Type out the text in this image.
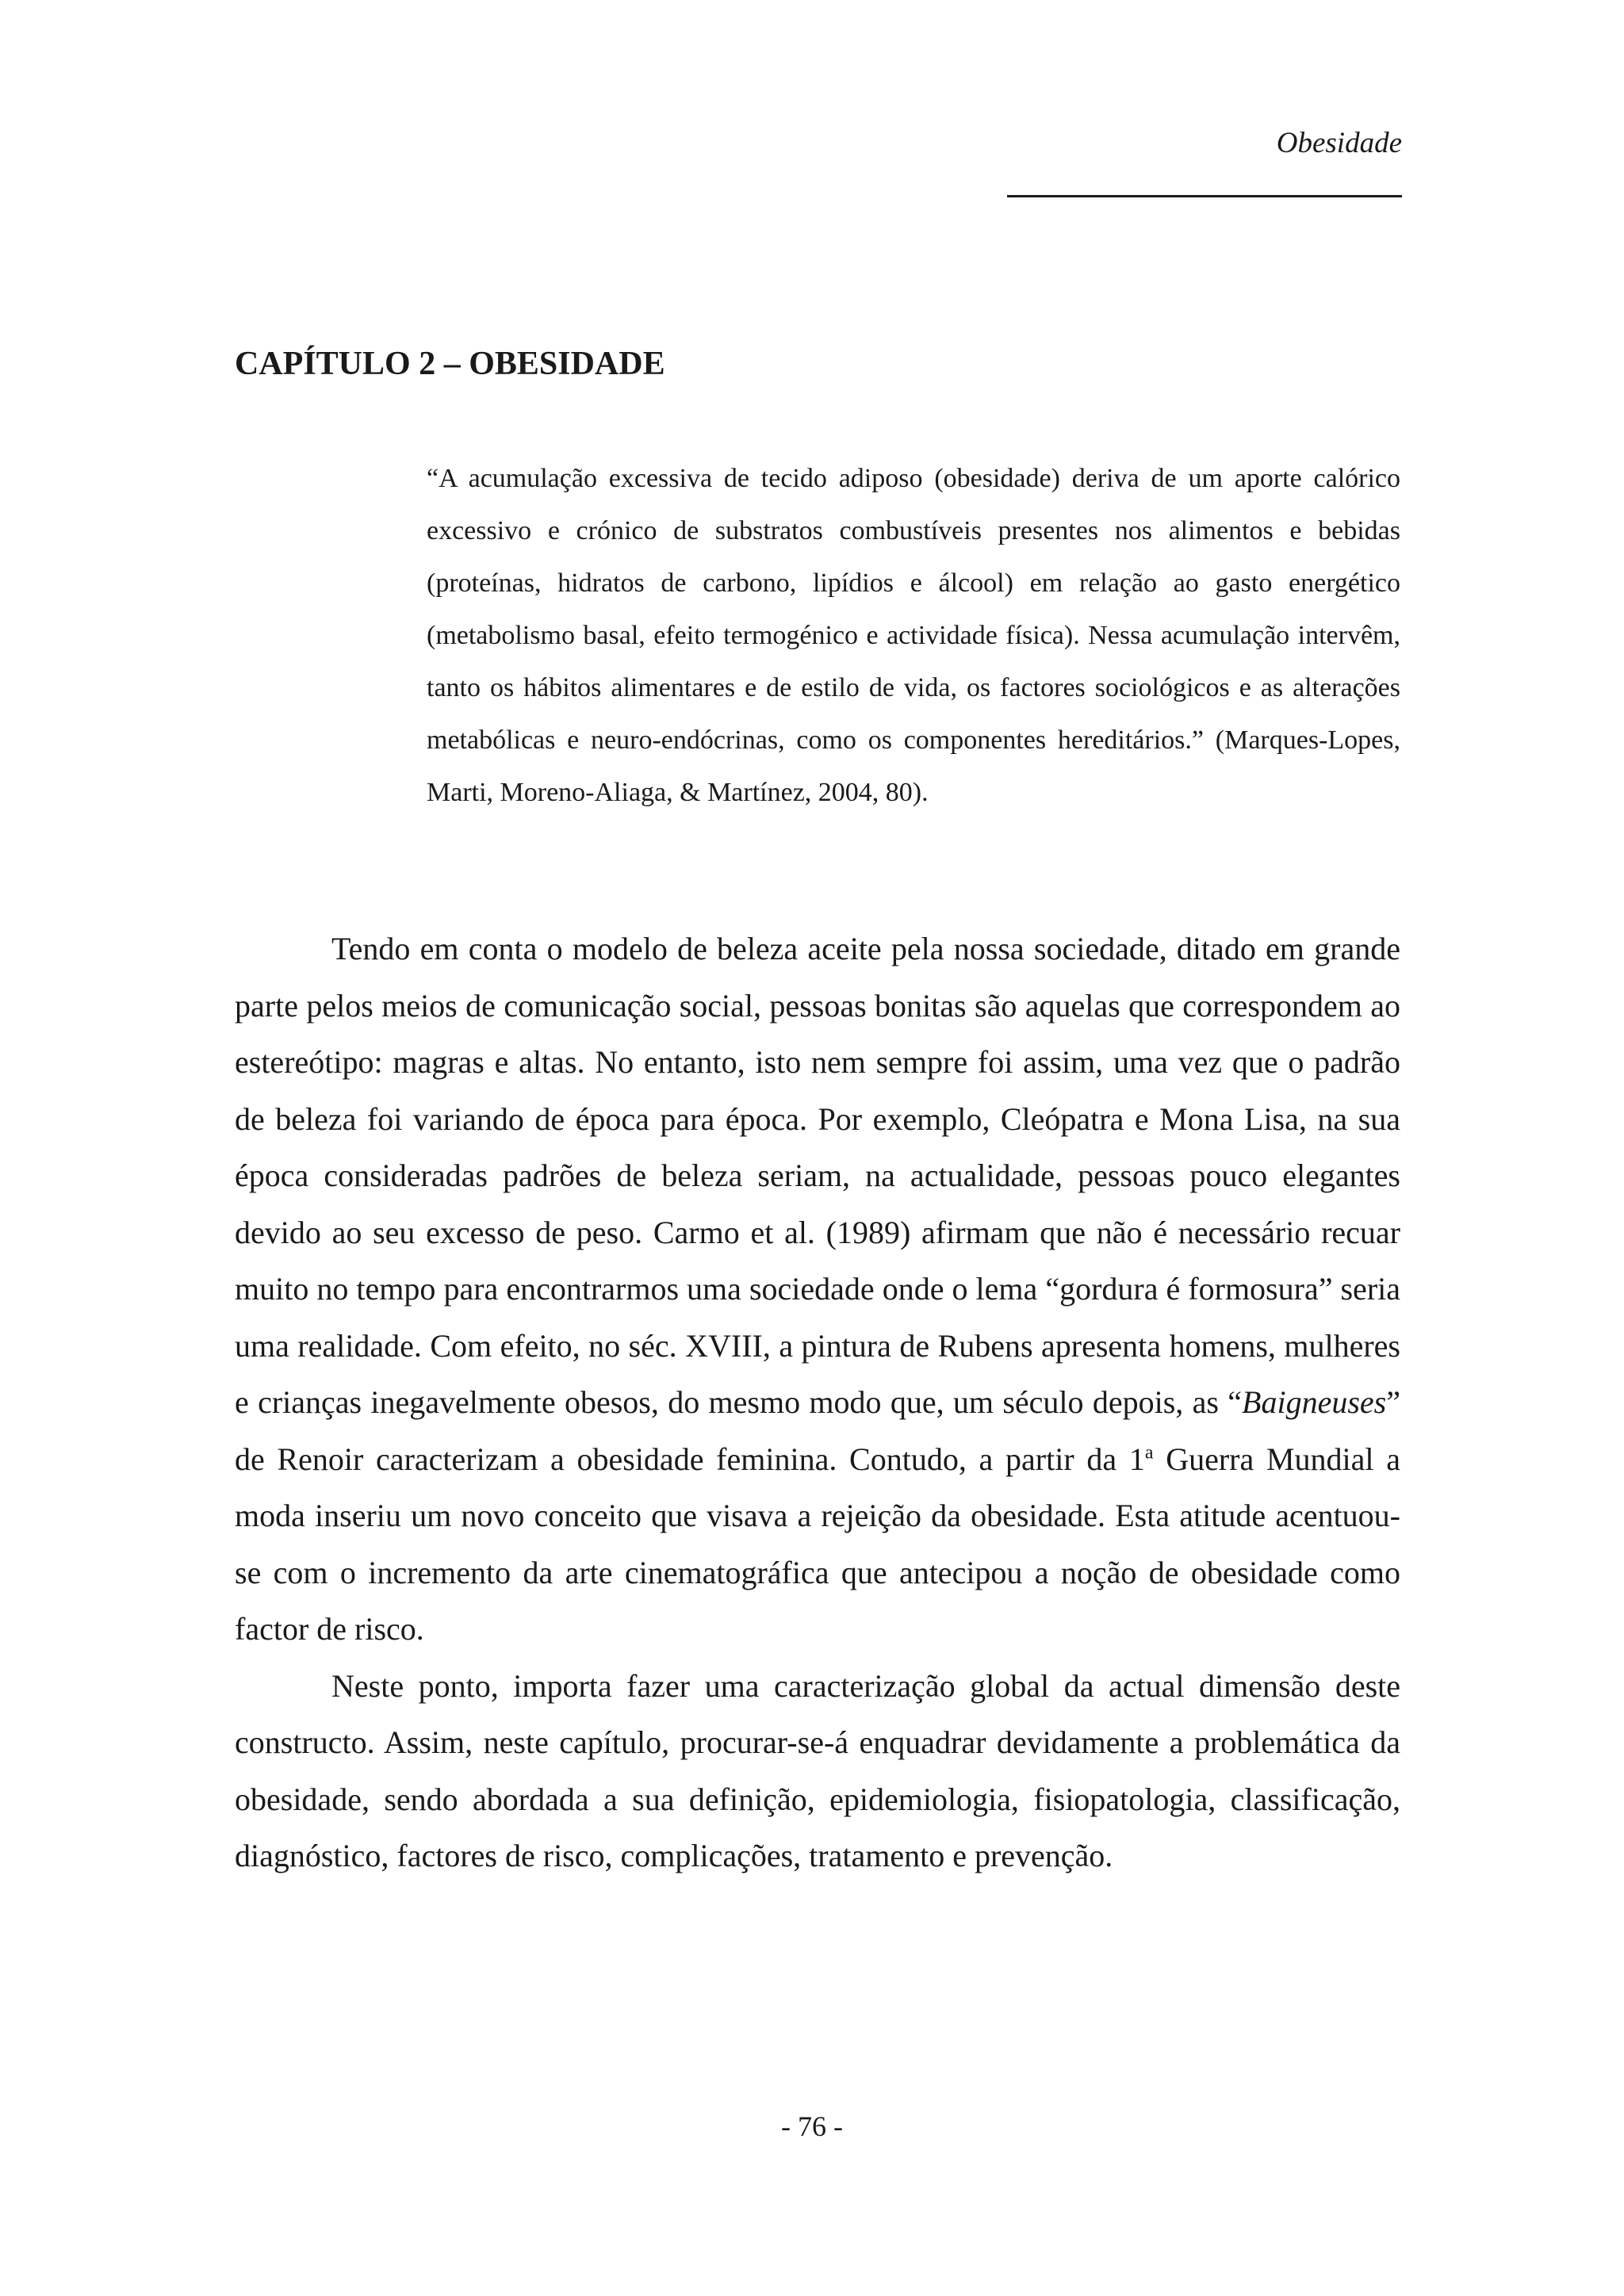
Obesidade
CAPÍTULO 2 – OBESIDADE

“A acumulação excessiva de tecido adiposo (obesidade) deriva de um aporte calórico excessivo e crónico de substratos combustíveis presentes nos alimentos e bebidas (proteínas, hidratos de carbono, lipídios e álcool) em relação ao gasto energético (metabolismo basal, efeito termogénico e actividade física). Nessa acumulação intervêm, tanto os hábitos alimentares e de estilo de vida, os factores sociológicos e as alterações metabólicas e neuro-endócrinas, como os componentes hereditários.” (Marques-Lopes, Marti, Moreno-Aliaga, & Martínez, 2004, 80).

Tendo em conta o modelo de beleza aceite pela nossa sociedade, ditado em grande parte pelos meios de comunicação social, pessoas bonitas são aquelas que correspondem ao estereótipo: magras e altas. No entanto, isto nem sempre foi assim, uma vez que o padrão de beleza foi variando de época para época. Por exemplo, Cleópatra e Mona Lisa, na sua época consideradas padrões de beleza seriam, na actualidade, pessoas pouco elegantes devido ao seu excesso de peso. Carmo et al. (1989) afirmam que não é necessário recuar muito no tempo para encontrarmos uma sociedade onde o lema “gordura é formosura” seria uma realidade. Com efeito, no séc. XVIII, a pintura de Rubens apresenta homens, mulheres e crianças inegavelmente obesos, do mesmo modo que, um século depois, as “Baigneuses” de Renoir caracterizam a obesidade feminina. Contudo, a partir da 1$^a$ Guerra Mundial a moda inseriu um novo conceito que visava a rejeição da obesidade. Esta atitude acentuou-se com o incremento da arte cinematográfica que antecipou a noção de obesidade como factor de risco.

Neste ponto, importa fazer uma caracterização global da actual dimensão deste constructo. Assim, neste capítulo, procurar-se-á enquadrar devidamente a problemática da obesidade, sendo abordada a sua definição, epidemiologia, fisiopatologia, classificação, diagnóstico, factores de risco, complicações, tratamento e prevenção.

- 76 -
